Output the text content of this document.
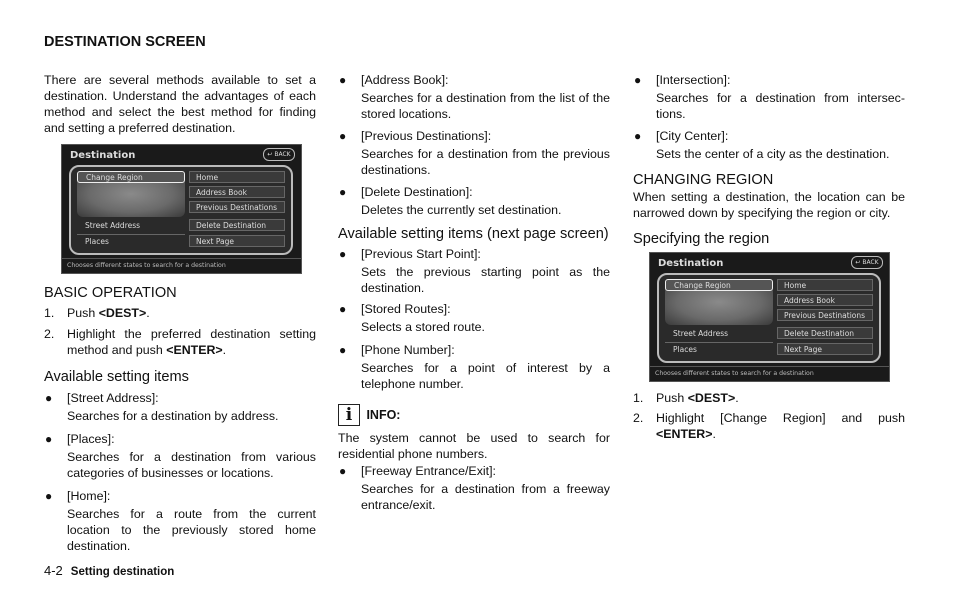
DESTINATION SCREEN

There are several methods available to set a destination. Understand the advantages of each method and select the best method for finding and setting a preferred destination.

Destination	↩ BACK
Change Region
Street Address
Places
Home
Address Book
Previous Destinations
Delete Destination
Next Page
Chooses different states to search for a destination
BASIC OPERATION
1. Push <DEST>.
2. Highlight the preferred destination setting method and push <ENTER>.
Available setting items
● [Street Address]:
Searches for a destination by address.
● [Places]:
Searches for a destination from various categories of businesses or locations.
● [Home]:
Searches for a route from the current location to the previously stored home destination.
● [Address Book]:
Searches for a destination from the list of the stored locations.
● [Previous Destinations]:
Searches for a destination from the previous destinations.
● [Delete Destination]:
Deletes the currently set destination.
Available setting items (next page screen)
● [Previous Start Point]:
Sets the previous starting point as the destination.
● [Stored Routes]:
Selects a stored route.
● [Phone Number]:
Searches for a point of interest by a telephone number.
i INFO:

The system cannot be used to search for residential phone numbers.

● [Freeway Entrance/Exit]:
Searches for a destination from a freeway entrance/exit.
● [Intersection]:
Searches for a destination from intersec- tions.
● [City Center]:
Sets the center of a city as the destination.
CHANGING REGION

When setting a destination, the location can be narrowed down by specifying the region or city.

Specifying the region
Destination	↩ BACK
Change Region
Street Address
Places
Home
Address Book
Previous Destinations
Delete Destination
Next Page
Chooses different states to search for a destination
1. Push <DEST>.
2. Highlight [Change Region] and push <ENTER>.
4-2 Setting destination
